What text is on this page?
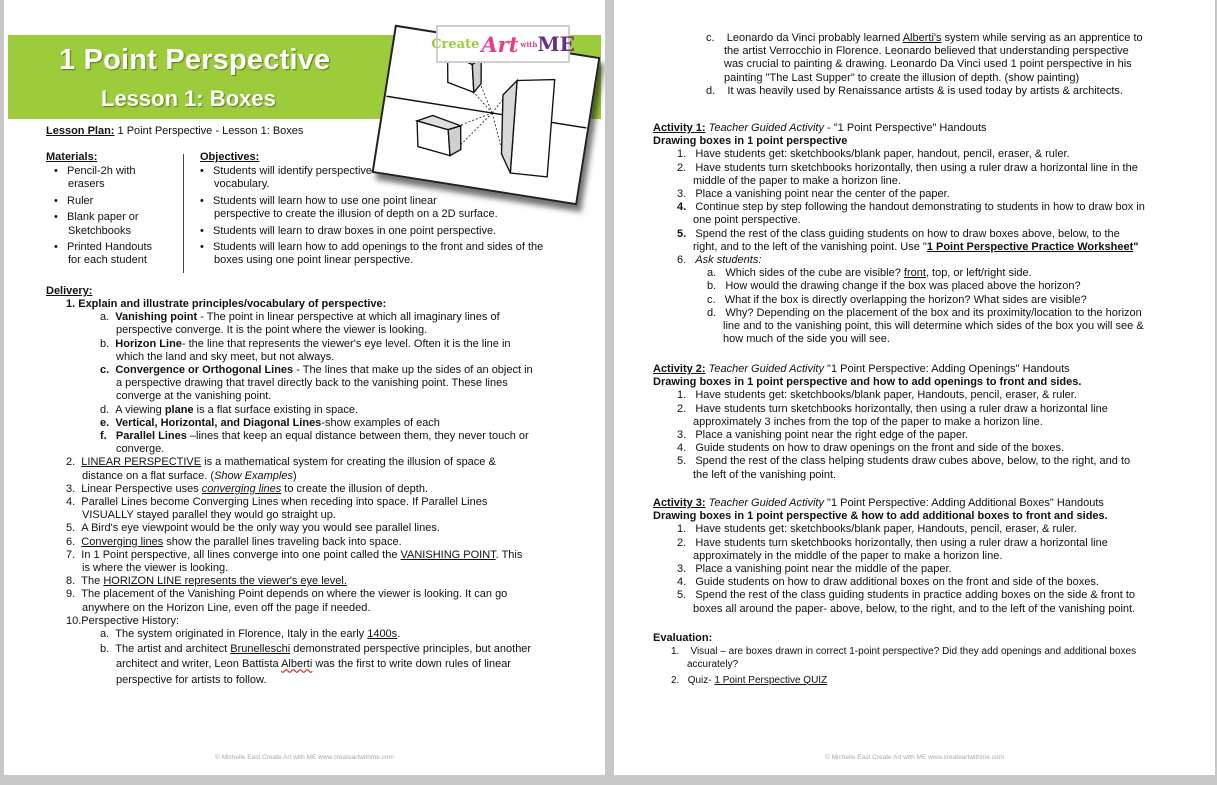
1 Point Perspective
Lesson 1: Boxes
Create Art with ME
Lesson Plan: 1 Point Perspective - Lesson 1: Boxes
Materials:
•   Pencil-2h with
erasers
•   Ruler
•   Blank paper or
Sketchbooks
•   Printed Handouts
for each student
Objectives:
•   Students will identify perspective
vocabulary.
•   Students will learn how to use one point linear
perspective to create the illusion of depth on a 2D surface.
•   Students will learn to draw boxes in one point perspective.
•   Students will learn how to add openings to the front and sides of the
boxes using one point linear perspective.
Delivery:
1. Explain and illustrate principles/vocabulary of perspective:
a.  Vanishing point - The point in linear perspective at which all imaginary lines of
perspective converge. It is the point where the viewer is looking.
b.  Horizon Line- the line that represents the viewer's eye level. Often it is the line in
which the land and sky meet, but not always.
c. Convergence or Orthogonal Lines - The lines that make up the sides of an object in
a perspective drawing that travel directly back to the vanishing point. These lines
converge at the vanishing point.
d.  A viewing plane is a flat surface existing in space.
e. Vertical, Horizontal, and Diagonal Lines-show examples of each
f. Parallel Lines –lines that keep an equal distance between them, they never touch or
converge.
2.  LINEAR PERSPECTIVE is a mathematical system for creating the illusion of space &
distance on a flat surface. (Show Examples)
3.  Linear Perspective uses converging lines to create the illusion of depth.
4.  Parallel Lines become Converging Lines when receding into space. If Parallel Lines
VISUALLY stayed parallel they would go straight up.
5.  A Bird's eye viewpoint would be the only way you would see parallel lines.
6.  Converging lines show the parallel lines traveling back into space.
7.  In 1 Point perspective, all lines converge into one point called the VANISHING POINT. This
is where the viewer is looking.
8.  The HORIZON LINE represents the viewer's eye level.
9.  The placement of the Vanishing Point depends on where the viewer is looking. It can go
anywhere on the Horizon Line, even off the page if needed.
10.Perspective History:
a.  The system originated in Florence, Italy in the early 1400s.
b.  The artist and architect Brunelleschi demonstrated perspective principles, but another
architect and writer, Leon Battista Alberti was the first to write down rules of linear
perspective for artists to follow.
© Michelle East Create Art with ME www.createartwithme.com
c.    Leonardo da Vinci probably learned Alberti's system while serving as an apprentice to
the artist Verrocchio in Florence. Leonardo believed that understanding perspective
was crucial to painting & drawing. Leonardo Da Vinci used 1 point perspective in his
painting "The Last Supper" to create the illusion of depth. (show painting)
d.    It was heavily used by Renaissance artists & is used today by artists & architects.
Activity 1: Teacher Guided Activity - "1 Point Perspective" Handouts
Drawing boxes in 1 point perspective
1.   Have students get: sketchbooks/blank paper, handout, pencil, eraser, & ruler.
2.   Have students turn sketchbooks horizontally, then using a ruler draw a horizontal line in the
middle of the paper to make a horizon line.
3.   Place a vanishing point near the center of the paper.
4. Continue step by step following the handout demonstrating to students in how to draw box in
one point perspective.
5. Spend the rest of the class guiding students on how to draw boxes above, below, to the
right, and to the left of the vanishing point. Use "1 Point Perspective Practice Worksheet"
6.   Ask students:
a.   Which sides of the cube are visible? front, top, or left/right side.
b.   How would the drawing change if the box was placed above the horizon?
c.   What if the box is directly overlapping the horizon? What sides are visible?
d.   Why? Depending on the placement of the box and its proximity/location to the horizon
line and to the vanishing point, this will determine which sides of the box you will see &
how much of the side you will see.
Activity 2: Teacher Guided Activity "1 Point Perspective: Adding Openings" Handouts
Drawing boxes in 1 point perspective and how to add openings to front and sides.
1.   Have students get: sketchbooks/blank paper, Handouts, pencil, eraser, & ruler.
2.   Have students turn sketchbooks horizontally, then using a ruler draw a horizontal line
approximately 3 inches from the top of the paper to make a horizon line.
3.   Place a vanishing point near the right edge of the paper.
4.   Guide students on how to draw openings on the front and side of the boxes.
5.   Spend the rest of the class helping students draw cubes above, below, to the right, and to
the left of the vanishing point.
Activity 3: Teacher Guided Activity "1 Point Perspective: Adding Additional Boxes" Handouts
Drawing boxes in 1 point perspective & how to add additional boxes to front and sides.
1.   Have students get: sketchbooks/blank paper, Handouts, pencil, eraser, & ruler.
2.   Have students turn sketchbooks horizontally, then using a ruler draw a horizontal line
approximately in the middle of the paper to make a horizon line.
3.   Place a vanishing point near the middle of the paper.
4.   Guide students on how to draw additional boxes on the front and side of the boxes.
5.   Spend the rest of the class guiding students in practice adding boxes on the side & front to
boxes all around the paper- above, below, to the right, and to the left of the vanishing point.
Evaluation:
1.    Visual – are boxes drawn in correct 1-point perspective? Did they add openings and additional boxes
accurately?
2.   Quiz- 1 Point Perspective QUIZ
© Michelle East Create Art with ME www.createartwithme.com
